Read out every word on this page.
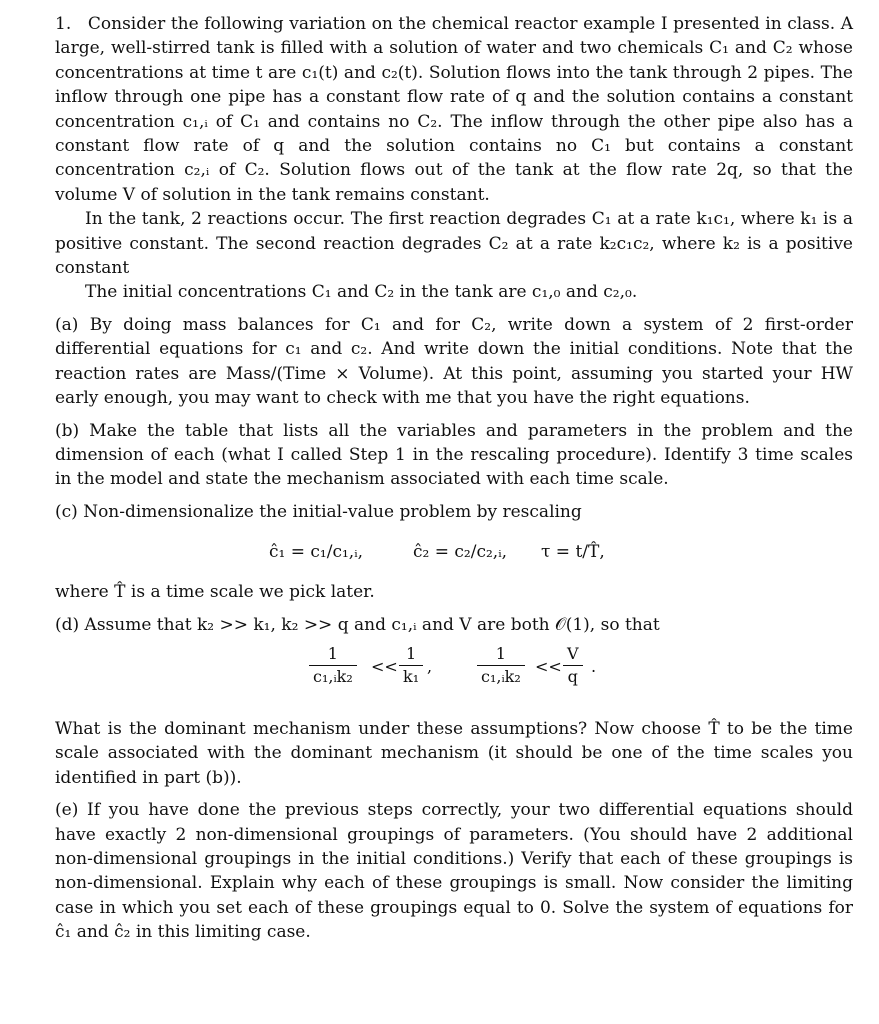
1. Consider the following variation on the chemical reactor example I presented in class. A large, well-stirred tank is filled with a solution of water and two chemicals C₁ and C₂ whose concentrations at time t are c₁(t) and c₂(t). Solution flows into the tank through 2 pipes. The inflow through one pipe has a constant flow rate of q and the solution contains a constant concentration c₁,ᵢ of C₁ and contains no C₂. The inflow through the other pipe also has a constant flow rate of q and the solution contains no C₁ but contains a constant concentration c₂,ᵢ of C₂. Solution flows out of the tank at the flow rate 2q, so that the volume V of solution in the tank remains constant.

In the tank, 2 reactions occur. The first reaction degrades C₁ at a rate k₁c₁, where k₁ is a positive constant. The second reaction degrades C₂ at a rate k₂c₁c₂, where k₂ is a positive constant

The initial concentrations C₁ and C₂ in the tank are c₁,₀ and c₂,₀.

(a) By doing mass balances for C₁ and for C₂, write down a system of 2 first-order differential equations for c₁ and c₂. And write down the initial conditions. Note that the reaction rates are Mass/(Time × Volume). At this point, assuming you started your HW early enough, you may want to check with me that you have the right equations.

(b) Make the table that lists all the variables and parameters in the problem and the dimension of each (what I called Step 1 in the rescaling procedure). Identify 3 time scales in the model and state the mechanism associated with each time scale.

(c) Non-dimensionalize the initial-value problem by rescaling

ĉ₁ = c₁/c₁,ᵢ,	ĉ₂ = c₂/c₂,ᵢ, τ = t/T̂,

where T̂ is a time scale we pick later.

(d) Assume that k₂ >> k₁, k₂ >> q and c₁,ᵢ and V are both 𝒪(1), so that

$\frac{1}{\text{c₁,ᵢk₂}} << \frac{1}{\text{k₁}}$ ,	$\frac{1}{\text{c₁,ᵢk₂}} << \frac{V}{q}$ .

What is the dominant mechanism under these assumptions? Now choose T̂ to be the time scale associated with the dominant mechanism (it should be one of the time scales you identified in part (b)).

(e) If you have done the previous steps correctly, your two differential equations should have exactly 2 non-dimensional groupings of parameters. (You should have 2 additional non-dimensional groupings in the initial conditions.) Verify that each of these groupings is non-dimensional. Explain why each of these groupings is small. Now consider the limiting case in which you set each of these groupings equal to 0. Solve the system of equations for ĉ₁ and ĉ₂ in this limiting case.
